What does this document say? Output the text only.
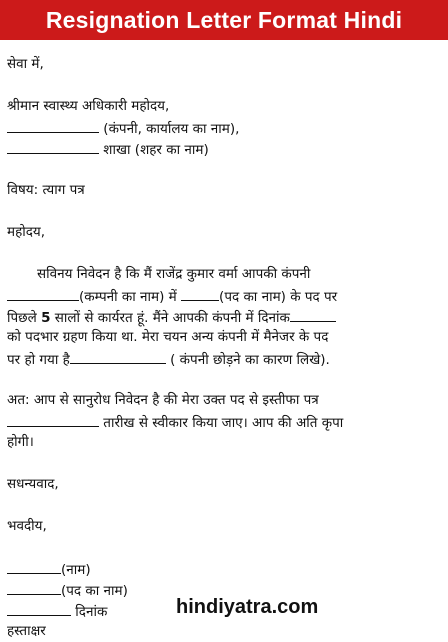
Resignation Letter Format Hindi
सेवा में,
श्रीमान स्वास्थ्य अधिकारी महोदय,
(कंपनी, कार्यालय का नाम),
शाखा (शहर का नाम)
विषय: त्याग पत्र
महोदय,
सविनय निवेदन है कि मैं राजेंद्र कुमार वर्मा आपकी कंपनी
(कम्पनी का नाम) में	(पद का नाम) के पद पर
पिछले 5 सालों से कार्यरत हूं. मैंने आपकी कंपनी में दिनांक
को पदभार ग्रहण किया था. मेरा चयन अन्य कंपनी में मैनेजर के पद
पर हो गया है	( कंपनी छोड़ने का कारण लिखे).
अत: आप से सानुरोध निवेदन है की मेरा उक्त पद से इस्तीफा पत्र
तारीख से स्वीकार किया जाए। आप की अति कृपा
होगी।
सधन्यवाद,
भवदीय,
(नाम)
(पद का नाम)
दिनांक
हस्ताक्षर
hindiyatra.com
